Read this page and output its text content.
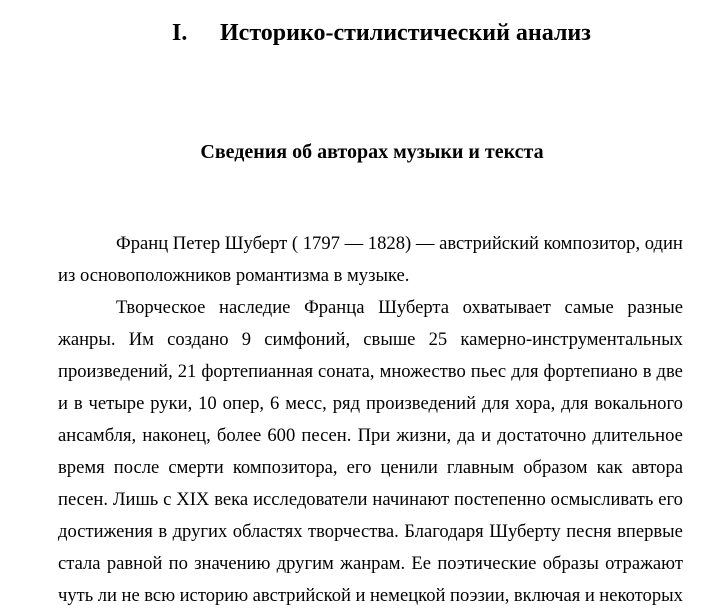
I. Историко-стилистический анализ
Сведения об авторах музыки и текста
Франц Петер Шуберт ( 1797 — 1828) — австрийский композитор, один
из основоположников романтизма в музыке.
Творческое наследие Франца Шуберта охватывает самые разные
жанры. Им создано 9 симфоний, свыше 25 камерно-инструментальных
произведений, 21 фортепианная соната, множество пьес для фортепиано в две
и в четыре руки, 10 опер, 6 месс, ряд произведений для хора, для вокального
ансамбля, наконец, более 600 песен. При жизни, да и достаточно длительное
время после смерти композитора, его ценили главным образом как автора
песен. Лишь с XIX века исследователи начинают постепенно осмысливать его
достижения в других областях творчества. Благодаря Шуберту песня впервые
стала равной по значению другим жанрам. Ее поэтические образы отражают
чуть ли не всю историю австрийской и немецкой поэзии, включая и некоторых
